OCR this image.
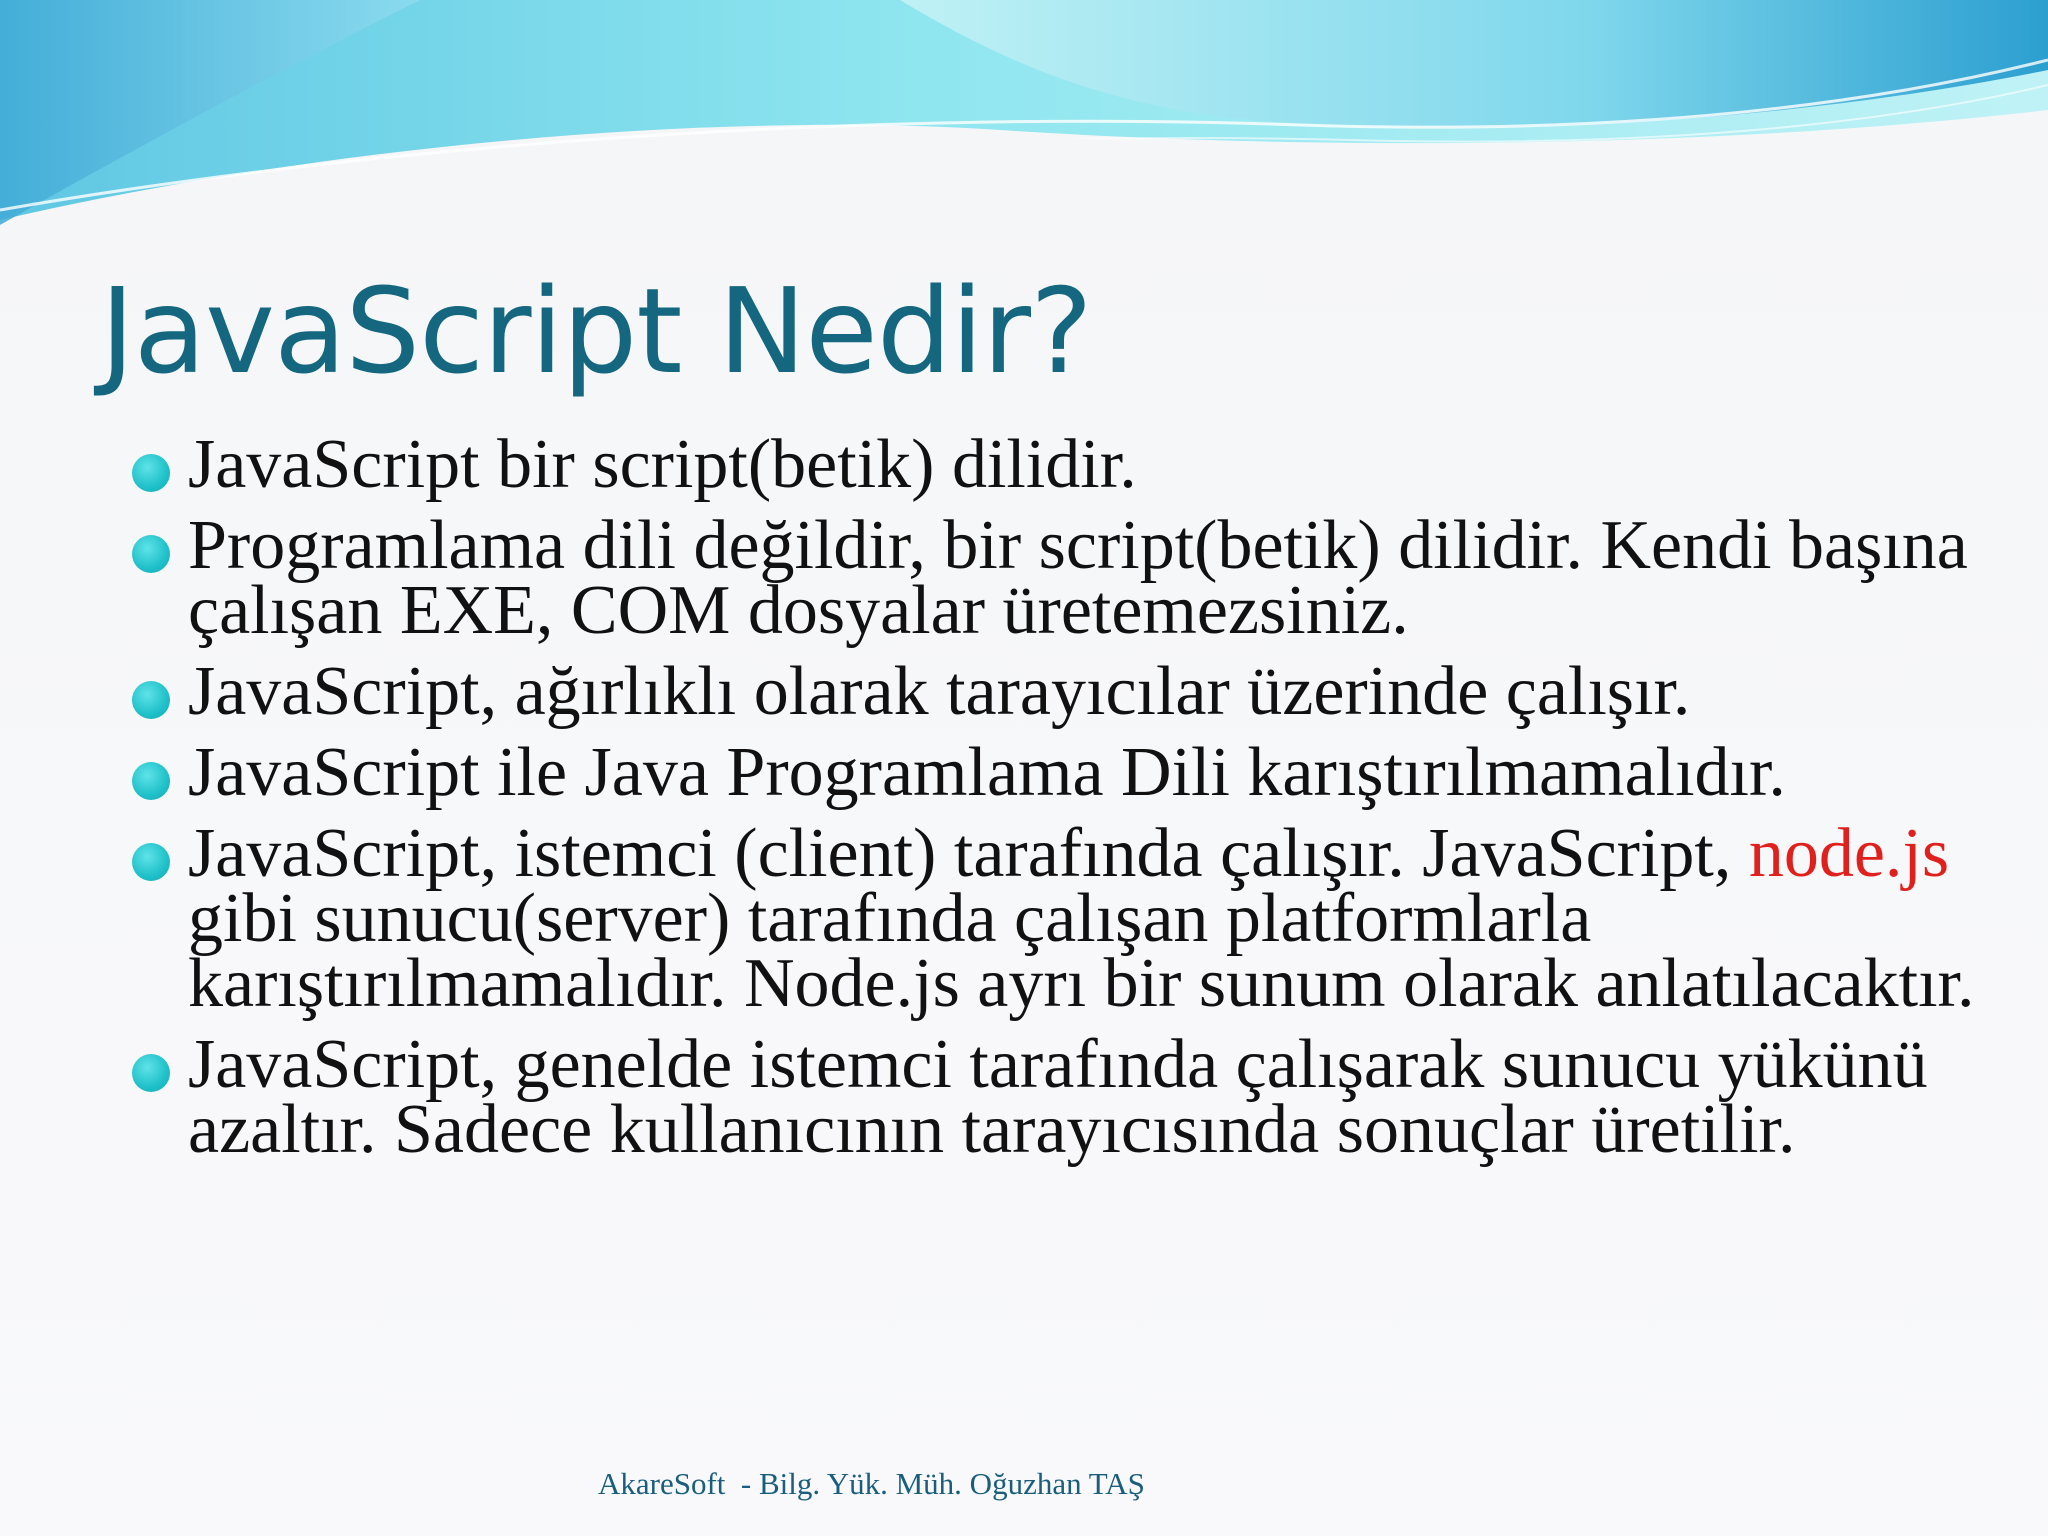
JavaScript Nedir?
JavaScript bir script(betik) dilidir.
Programlama dili değildir, bir script(betik) dilidir. Kendi başına çalışan EXE, COM dosyalar üretemezsiniz.
JavaScript, ağırlıklı olarak tarayıcılar üzerinde çalışır.
JavaScript ile Java Programlama Dili karıştırılmamalıdır.
JavaScript, istemci (client) tarafında çalışır. JavaScript, node.js gibi sunucu(server) tarafında çalışan platformlarla karıştırılmamalıdır. Node.js ayrı bir sunum olarak anlatılacaktır.
JavaScript, genelde istemci tarafında çalışarak sunucu yükünü azaltır. Sadece kullanıcının tarayıcısında sonuçlar üretilir.
AkareSoft  - Bilg. Yük. Müh. Oğuzhan TAŞ
